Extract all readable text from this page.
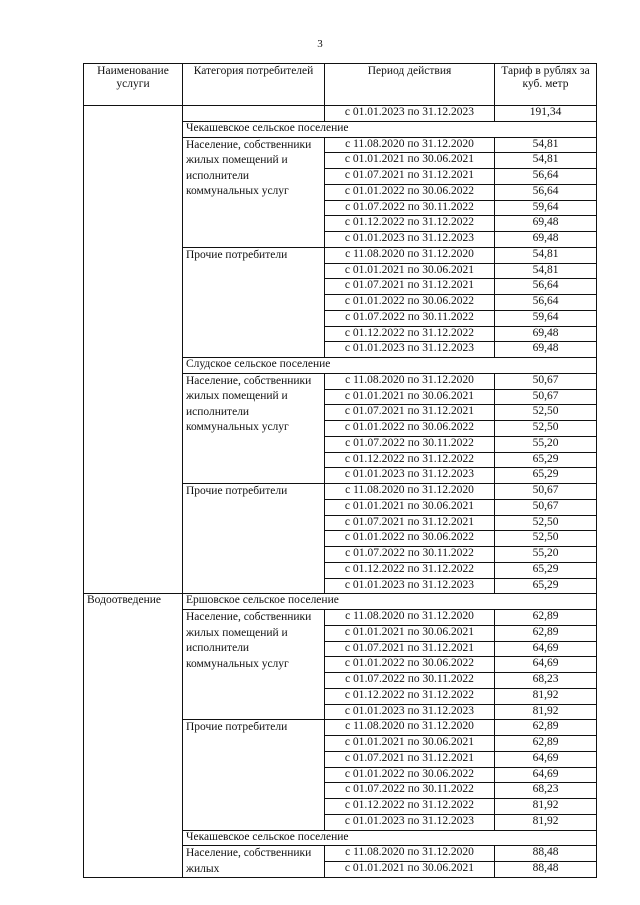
3
Наименование услуги	Категория потребителей	Период действия	Тариф в рублях за куб. метр
		с 01.01.2023 по 31.12.2023	191,34
	Чекашевское сельское поселение		
	Население, собственники жилых помещений и исполнители коммунальных услуг	с 11.08.2020 по 31.12.2020	54,81
		с 01.01.2021 по 30.06.2021	54,81
		с 01.07.2021 по 31.12.2021	56,64
		с 01.01.2022 по 30.06.2022	56,64
		с 01.07.2022 по 30.11.2022	59,64
		с 01.12.2022 по 31.12.2022	69,48
		с 01.01.2023 по 31.12.2023	69,48
	Прочие потребители	с 11.08.2020 по 31.12.2020	54,81
		с 01.01.2021 по 30.06.2021	54,81
		с 01.07.2021 по 31.12.2021	56,64
		с 01.01.2022 по 30.06.2022	56,64
		с 01.07.2022 по 30.11.2022	59,64
		с 01.12.2022 по 31.12.2022	69,48
		с 01.01.2023 по 31.12.2023	69,48
	Слудское сельское поселение		
	Население, собственники жилых помещений и исполнители коммунальных услуг	с 11.08.2020 по 31.12.2020	50,67
		с 01.01.2021 по 30.06.2021	50,67
		с 01.07.2021 по 31.12.2021	52,50
		с 01.01.2022 по 30.06.2022	52,50
		с 01.07.2022 по 30.11.2022	55,20
		с 01.12.2022 по 31.12.2022	65,29
		с 01.01.2023 по 31.12.2023	65,29
	Прочие потребители	с 11.08.2020 по 31.12.2020	50,67
		с 01.01.2021 по 30.06.2021	50,67
		с 01.07.2021 по 31.12.2021	52,50
		с 01.01.2022 по 30.06.2022	52,50
		с 01.07.2022 по 30.11.2022	55,20
		с 01.12.2022 по 31.12.2022	65,29
		с 01.01.2023 по 31.12.2023	65,29
Водоотведение	Ершовское сельское поселение		
	Население, собственники жилых помещений и исполнители коммунальных услуг	с 11.08.2020 по 31.12.2020	62,89
		с 01.01.2021 по 30.06.2021	62,89
		с 01.07.2021 по 31.12.2021	64,69
		с 01.01.2022 по 30.06.2022	64,69
		с 01.07.2022 по 30.11.2022	68,23
		с 01.12.2022 по 31.12.2022	81,92
		с 01.01.2023 по 31.12.2023	81,92
	Прочие потребители	с 11.08.2020 по 31.12.2020	62,89
		с 01.01.2021 по 30.06.2021	62,89
		с 01.07.2021 по 31.12.2021	64,69
		с 01.01.2022 по 30.06.2022	64,69
		с 01.07.2022 по 30.11.2022	68,23
		с 01.12.2022 по 31.12.2022	81,92
		с 01.01.2023 по 31.12.2023	81,92
	Чекашевское сельское поселение		
	Население, собственники жилых	с 11.08.2020 по 31.12.2020	88,48
		с 01.01.2021 по 30.06.2021	88,48
